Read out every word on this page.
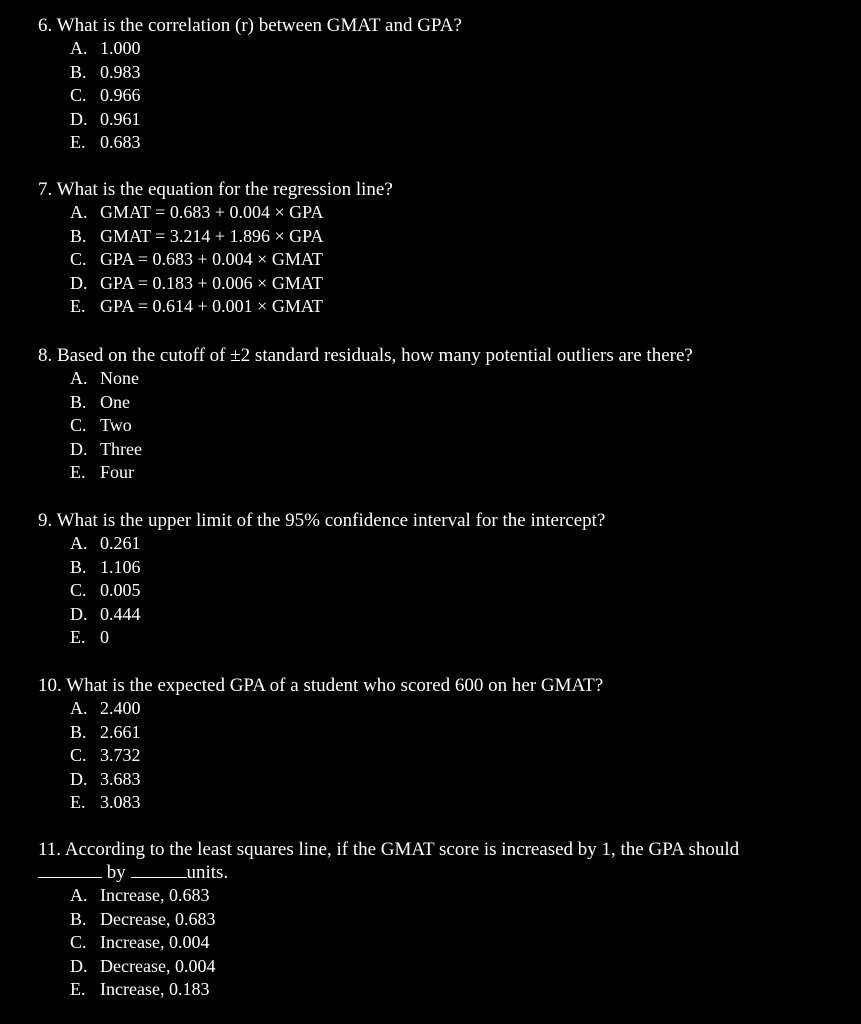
6. What is the correlation (r) between GMAT and GPA?

A. 1.000
B. 0.983
C. 0.966
D. 0.961
E. 0.683

7. What is the equation for the regression line?

A. GMAT = 0.683 + 0.004 × GPA
B. GMAT = 3.214 + 1.896 × GPA
C. GPA = 0.683 + 0.004 × GMAT
D. GPA = 0.183 + 0.006 × GMAT
E. GPA = 0.614 + 0.001 × GMAT

8. Based on the cutoff of ±2 standard residuals, how many potential outliers are there?

A. None
B. One
C. Two
D. Three
E. Four

9. What is the upper limit of the 95% confidence interval for the intercept?

A. 0.261
B. 1.106
C. 0.005
D. 0.444
E. 0

10. What is the expected GPA of a student who scored 600 on her GMAT?

A. 2.400
B. 2.661
C. 3.732
D. 3.683
E. 3.083

11. According to the least squares line, if the GMAT score is increased by 1, the GPA should

by	units.

A. Increase, 0.683
B. Decrease, 0.683
C. Increase, 0.004
D. Decrease, 0.004
E. Increase, 0.183
